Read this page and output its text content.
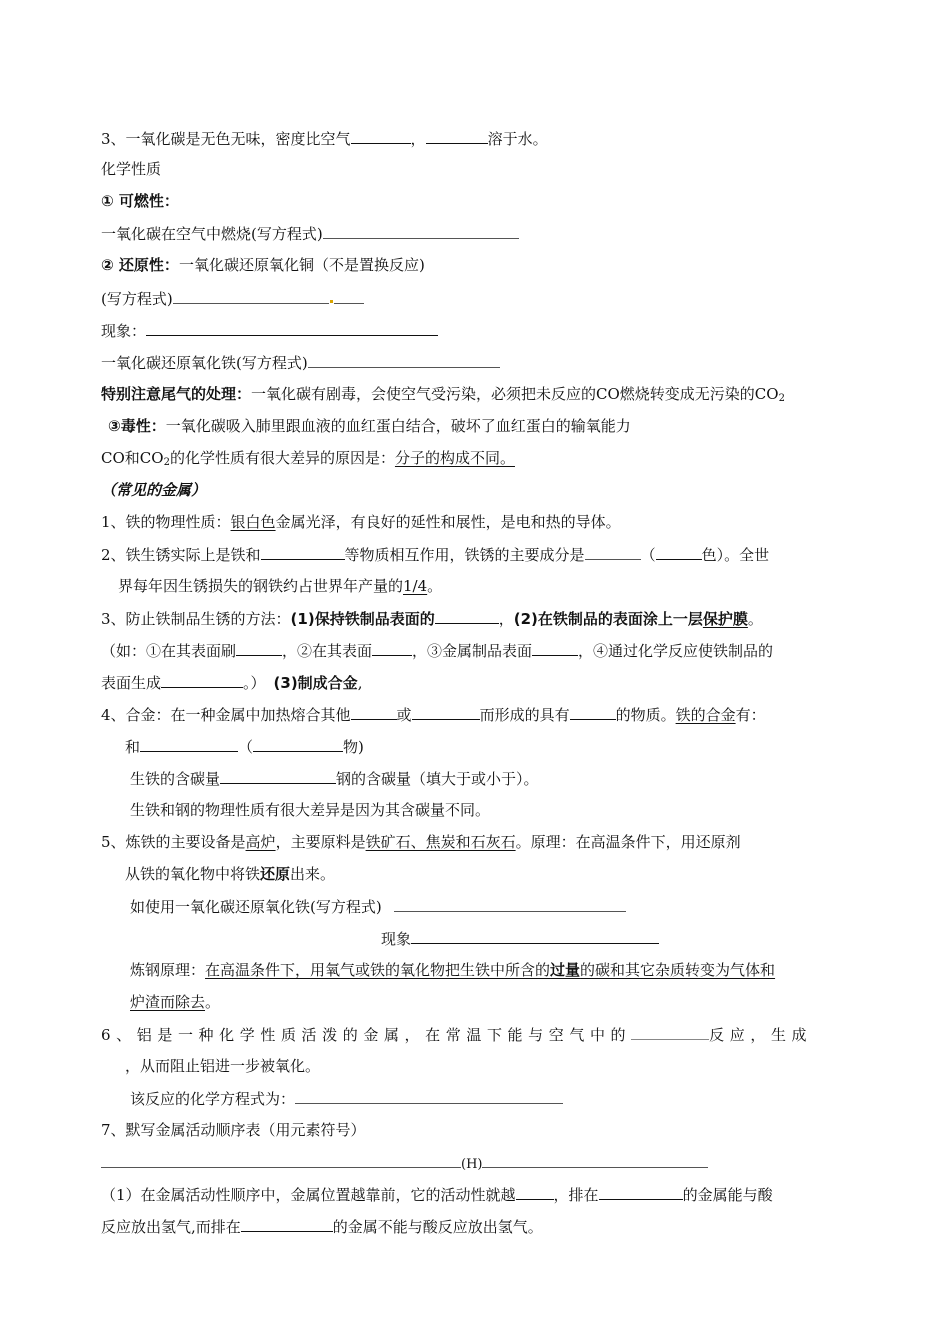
3、一氧化碳是无色无味，密度比空气	，	溶于水。
化学性质
① 可燃性：
一氧化碳在空气中燃烧(写方程式)
② 还原性：一氧化碳还原氧化铜（不是置换反应)
(写方程式)
现象：
一氧化碳还原氧化铁(写方程式)
特别注意尾气的处理：一氧化碳有剧毒，会使空气受污染，必须把未反应的CO燃烧转变成无污染的$CO_2$
③毒性：一氧化碳吸入肺里跟血液的血红蛋白结合，破坏了血红蛋白的输氧能力
CO和$CO_2$的化学性质有很大差异的原因是：分子的构成不同。
（常见的金属）
1、铁的物理性质：银白色金属光泽，有良好的延性和展性，是电和热的导体。
2、铁生锈实际上是铁和	等物质相互作用，铁锈的主要成分是	（	色）。全世
界每年因生锈损失的钢铁约占世界年产量的1/4。
3、防止铁制品生锈的方法：(1)保持铁制品表面的	，(2)在铁制品的表面涂上一层保护膜。
（如：①在其表面刷	，②在其表面	，③金属制品表面	，④通过化学反应使铁制品的
表面生成	。） (3)制成合金,
4、合金：在一种金属中加热熔合其他	或	而形成的具有	的物质。铁的合金有：
和	（	物)
生铁的含碳量	钢的含碳量（填大于或小于）。
生铁和钢的物理性质有很大差异是因为其含碳量不同。
5、炼铁的主要设备是高炉，主要原料是铁矿石、焦炭和石灰石。原理：在高温条件下，用还原剂
从铁的氧化物中将铁还原出来。
如使用一氧化碳还原氧化铁(写方程式)
现象
炼钢原理：在高温条件下，用氧气或铁的氧化物把生铁中所含的过量的碳和其它杂质转变为气体和
炉渣而除去。
6、铝是一种化学性质活泼的金属，在常温下能与空气中的	反应，生成
，从而阻止铝进一步被氧化。
该反应的化学方程式为：
7、默写金属活动顺序表（用元素符号）
(H)
（1）在金属活动性顺序中，金属位置越靠前，它的活动性就越	，排在	的金属能与酸
反应放出氢气,而排在	的金属不能与酸反应放出氢气。
